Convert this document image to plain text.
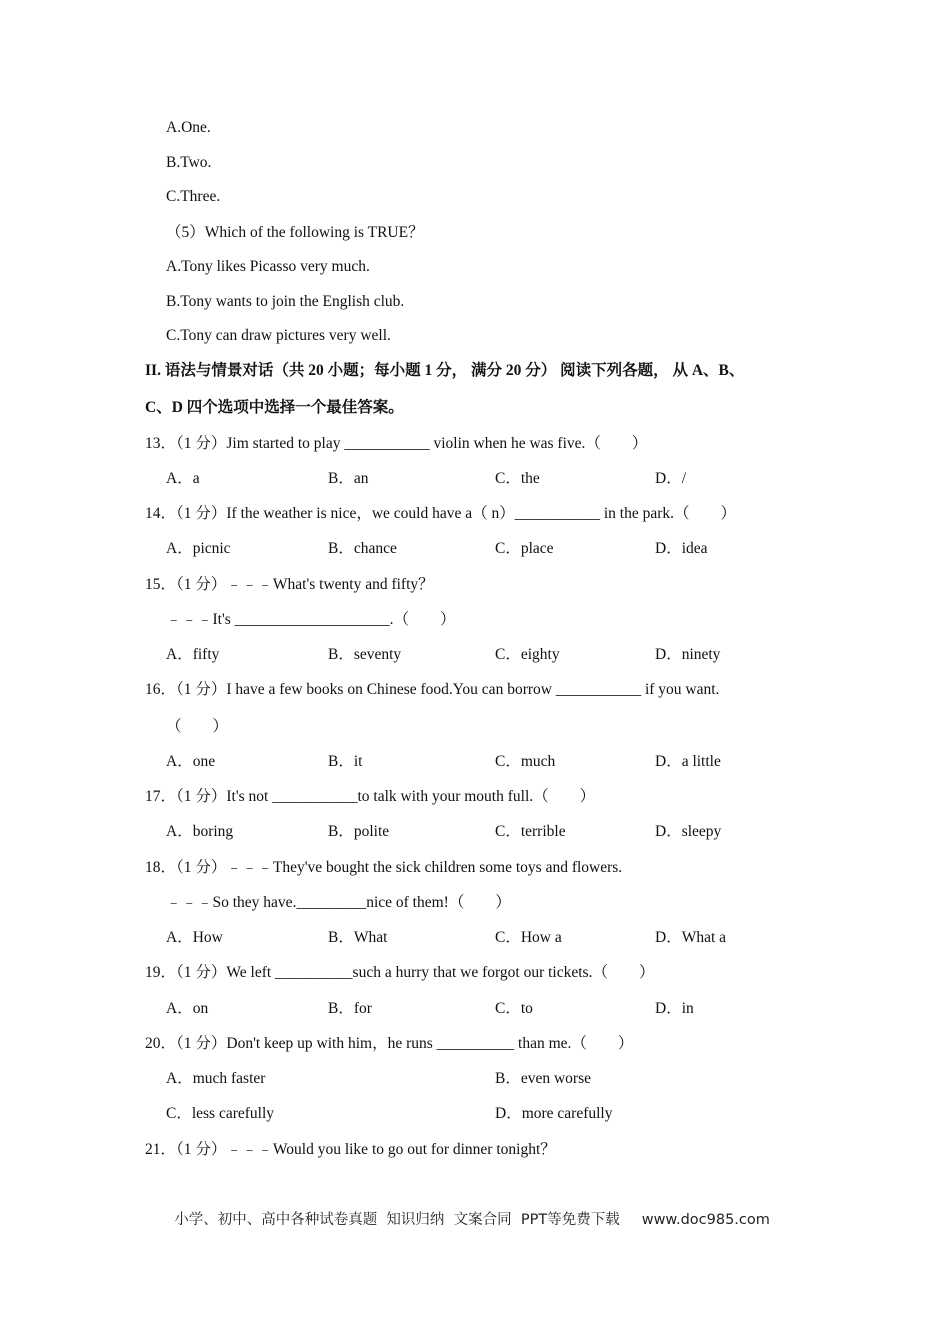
A.One.
B.Two.
C.Three.
（5）Which of the following is TRUE？
A.Tony likes Picasso very much.
B.Tony wants to join the English club.
C.Tony can draw pictures very well.
II. 语法与情景对话（共 20 小题；每小题 1 分， 满分 20 分） 阅读下列各题， 从 A、B、
C、D 四个选项中选择一个最佳答案。
13．（1 分）Jim started to play ___________ violin when he was five.（　　）
A．a	B．an	C．the	D．/
14．（1 分）If the weather is nice，we could have a（ n）___________ in the park.（　　）
A．picnic	B．chance	C．place	D．idea
15．（1 分）﹣﹣﹣What's twenty and fifty？
﹣﹣﹣It's ____________________.（　　）
A．fifty	B．seventy	C．eighty	D．ninety
16．（1 分）I have a few books on Chinese food.You can borrow ___________ if you want.
（　　）
A．one	B．it	C．much	D．a little
17．（1 分）It's not ___________to talk with your mouth full.（　　）
A．boring	B．polite	C．terrible	D．sleepy
18．（1 分）﹣﹣﹣They've bought the sick children some toys and flowers.
﹣﹣﹣So they have._________nice of them!（　　）
A．How	B．What	C．How a	D．What a
19．（1 分）We left __________such a hurry that we forgot our tickets.（　　）
A．on	B．for	C．to	D．in
20．（1 分）Don't keep up with him，he runs __________ than me.（　　）
A．much faster	B．even worse
C．less carefully	D．more carefully
21．（1 分）﹣﹣﹣Would you like to go out for dinner tonight？

小学、初中、高中各种试卷真题  知识归纳  文案合同  PPT等免费下载 www.doc985.com
